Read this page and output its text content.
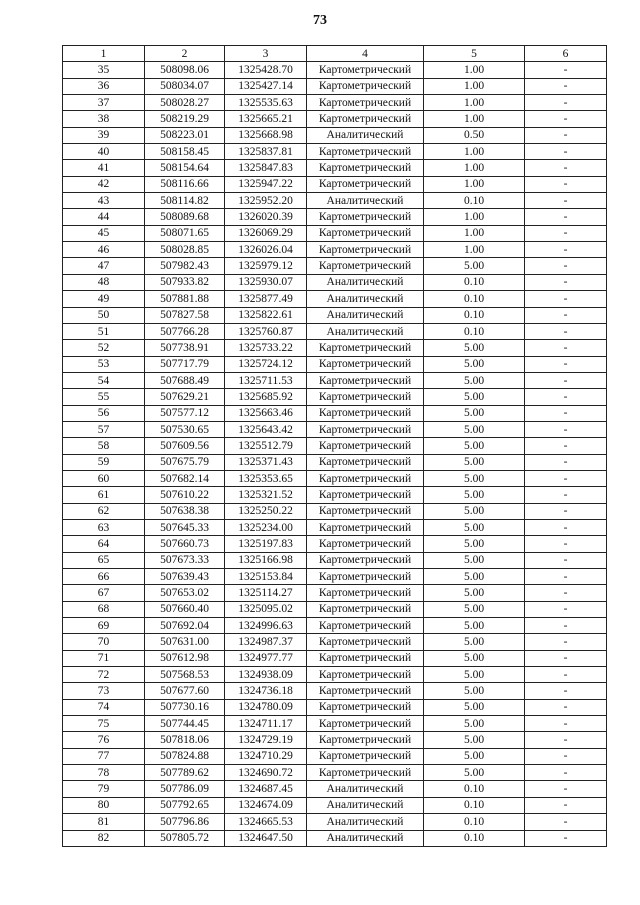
73
1	2	3	4	5	6
35	508098.06	1325428.70	Картометрический	1.00	-
36	508034.07	1325427.14	Картометрический	1.00	-
37	508028.27	1325535.63	Картометрический	1.00	-
38	508219.29	1325665.21	Картометрический	1.00	-
39	508223.01	1325668.98	Аналитический	0.50	-
40	508158.45	1325837.81	Картометрический	1.00	-
41	508154.64	1325847.83	Картометрический	1.00	-
42	508116.66	1325947.22	Картометрический	1.00	-
43	508114.82	1325952.20	Аналитический	0.10	-
44	508089.68	1326020.39	Картометрический	1.00	-
45	508071.65	1326069.29	Картометрический	1.00	-
46	508028.85	1326026.04	Картометрический	1.00	-
47	507982.43	1325979.12	Картометрический	5.00	-
48	507933.82	1325930.07	Аналитический	0.10	-
49	507881.88	1325877.49	Аналитический	0.10	-
50	507827.58	1325822.61	Аналитический	0.10	-
51	507766.28	1325760.87	Аналитический	0.10	-
52	507738.91	1325733.22	Картометрический	5.00	-
53	507717.79	1325724.12	Картометрический	5.00	-
54	507688.49	1325711.53	Картометрический	5.00	-
55	507629.21	1325685.92	Картометрический	5.00	-
56	507577.12	1325663.46	Картометрический	5.00	-
57	507530.65	1325643.42	Картометрический	5.00	-
58	507609.56	1325512.79	Картометрический	5.00	-
59	507675.79	1325371.43	Картометрический	5.00	-
60	507682.14	1325353.65	Картометрический	5.00	-
61	507610.22	1325321.52	Картометрический	5.00	-
62	507638.38	1325250.22	Картометрический	5.00	-
63	507645.33	1325234.00	Картометрический	5.00	-
64	507660.73	1325197.83	Картометрический	5.00	-
65	507673.33	1325166.98	Картометрический	5.00	-
66	507639.43	1325153.84	Картометрический	5.00	-
67	507653.02	1325114.27	Картометрический	5.00	-
68	507660.40	1325095.02	Картометрический	5.00	-
69	507692.04	1324996.63	Картометрический	5.00	-
70	507631.00	1324987.37	Картометрический	5.00	-
71	507612.98	1324977.77	Картометрический	5.00	-
72	507568.53	1324938.09	Картометрический	5.00	-
73	507677.60	1324736.18	Картометрический	5.00	-
74	507730.16	1324780.09	Картометрический	5.00	-
75	507744.45	1324711.17	Картометрический	5.00	-
76	507818.06	1324729.19	Картометрический	5.00	-
77	507824.88	1324710.29	Картометрический	5.00	-
78	507789.62	1324690.72	Картометрический	5.00	-
79	507786.09	1324687.45	Аналитический	0.10	-
80	507792.65	1324674.09	Аналитический	0.10	-
81	507796.86	1324665.53	Аналитический	0.10	-
82	507805.72	1324647.50	Аналитический	0.10	-
